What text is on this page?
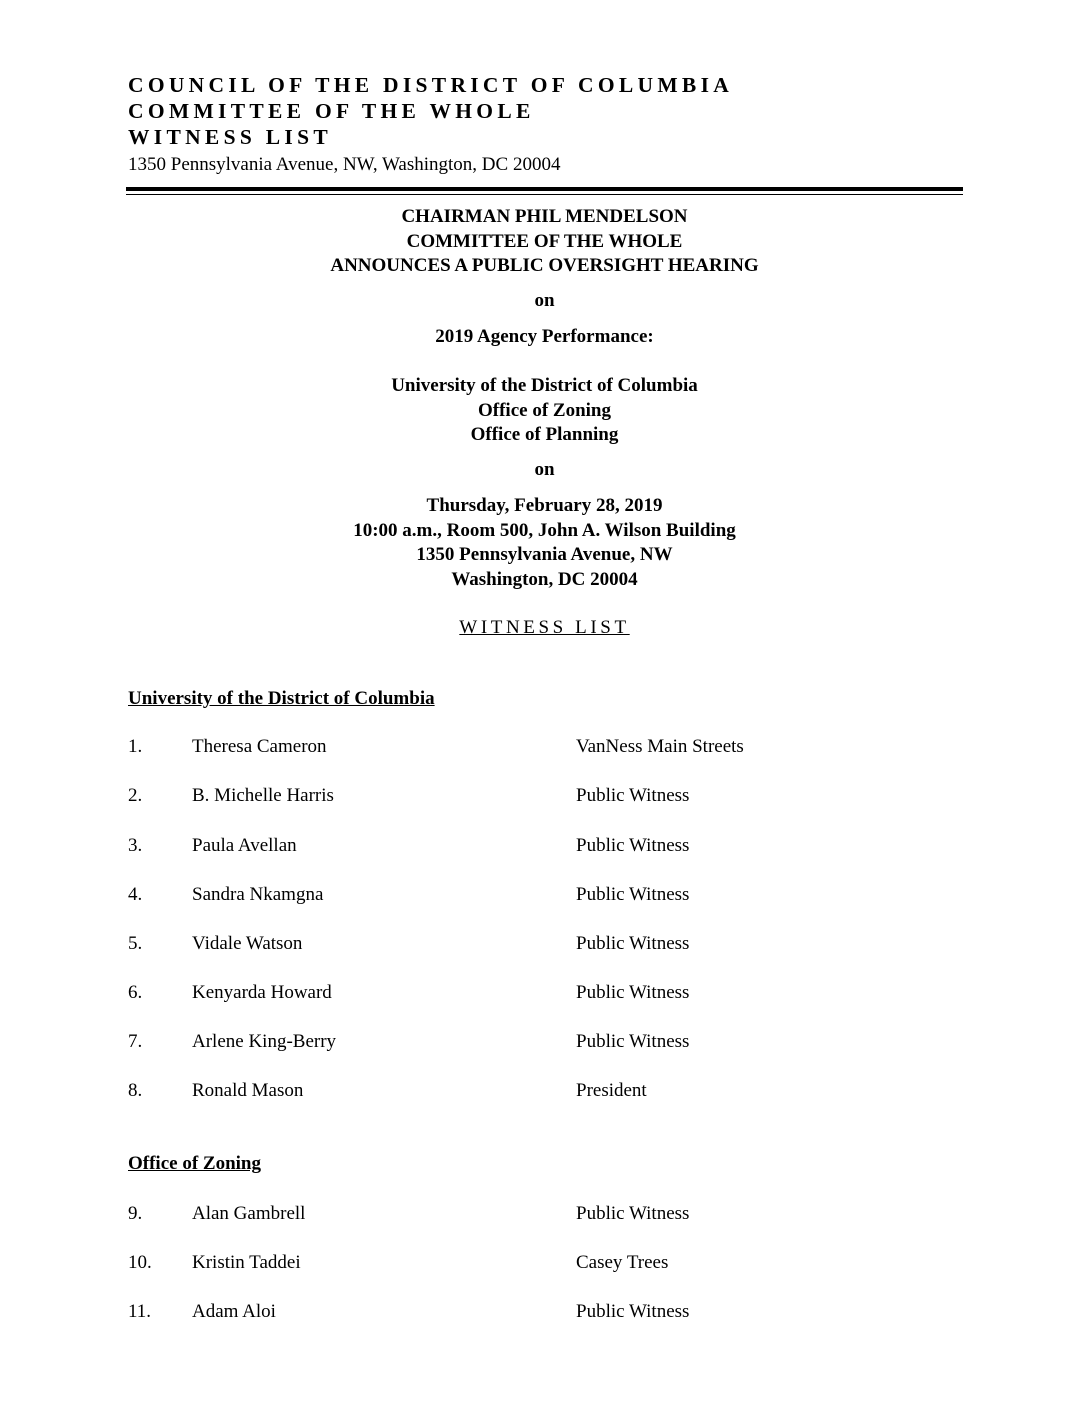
COUNCIL OF THE DISTRICT OF COLUMBIA
COMMITTEE OF THE WHOLE
WITNESS LIST
1350 Pennsylvania Avenue, NW, Washington, DC 20004
CHAIRMAN PHIL MENDELSON
COMMITTEE OF THE WHOLE
ANNOUNCES A PUBLIC OVERSIGHT HEARING
on
2019 Agency Performance:
University of the District of Columbia
Office of Zoning
Office of Planning
on
Thursday, February 28, 2019
10:00 a.m., Room 500, John A. Wilson Building
1350 Pennsylvania Avenue, NW
Washington, DC 20004
WITNESS LIST
University of the District of Columbia
1.	Theresa Cameron	VanNess Main Streets
2.	B. Michelle Harris	Public Witness
3.	Paula Avellan	Public Witness
4.	Sandra Nkamgna	Public Witness
5.	Vidale Watson	Public Witness
6.	Kenyarda Howard	Public Witness
7.	Arlene King-Berry	Public Witness
8.	Ronald Mason	President
Office of Zoning
9.	Alan Gambrell	Public Witness
10. Kristin Taddei	Casey Trees
11. Adam Aloi	Public Witness
